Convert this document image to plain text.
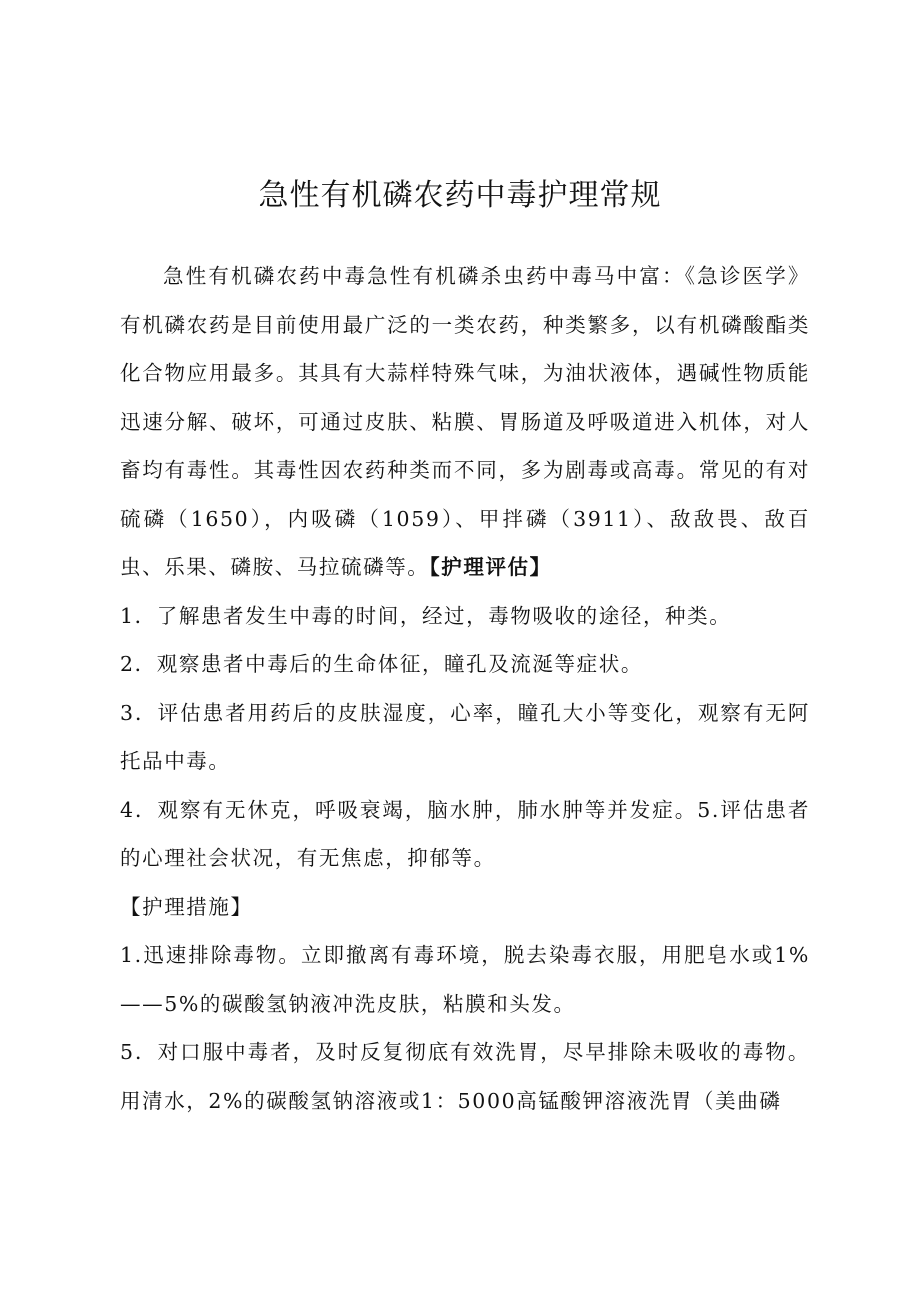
急性有机磷农药中毒护理常规

急性有机磷农药中毒急性有机磷杀虫药中毒马中富：《急诊医学》有机磷农药是目前使用最广泛的一类农药，种类繁多，以有机磷酸酯类化合物应用最多。其具有大蒜样特殊气味，为油状液体，遇碱性物质能迅速分解、破坏，可通过皮肤、粘膜、胃肠道及呼吸道进入机体，对人畜均有毒性。其毒性因农药种类而不同，多为剧毒或高毒。常见的有对硫磷（1650），内吸磷（1059）、甲拌磷（3911）、敌敌畏、敌百虫、乐果、磷胺、马拉硫磷等。【护理评估】

1．了解患者发生中毒的时间，经过，毒物吸收的途径，种类。

2．观察患者中毒后的生命体征，瞳孔及流涎等症状。

3．评估患者用药后的皮肤湿度，心率，瞳孔大小等变化，观察有无阿托品中毒。

4．观察有无休克，呼吸衰竭，脑水肿，肺水肿等并发症。5.评估患者的心理社会状况，有无焦虑，抑郁等。

【护理措施】

1.迅速排除毒物。立即撤离有毒环境，脱去染毒衣服，用肥皂水或1%——5%的碳酸氢钠液冲洗皮肤，粘膜和头发。

5．对口服中毒者，及时反复彻底有效洗胃，尽早排除未吸收的毒物。用清水，2%的碳酸氢钠溶液或1：5000高锰酸钾溶液洗胃（美曲磷
